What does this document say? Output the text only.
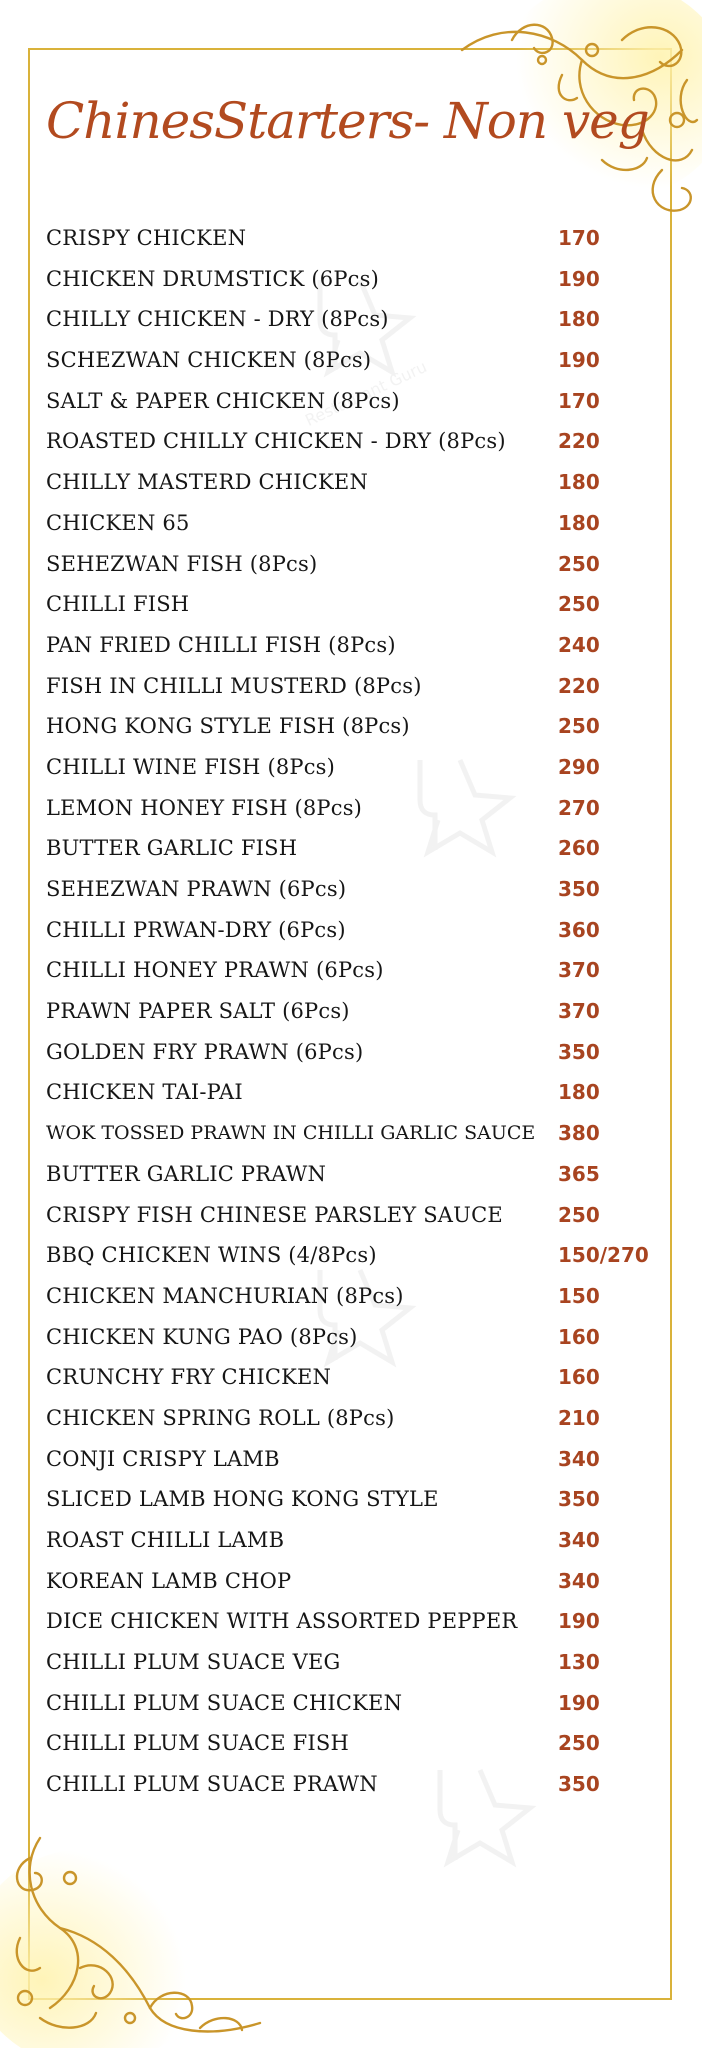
Restaurant Guru
ChinesStarters- Non veg
CRISPY CHICKEN	170
CHICKEN DRUMSTICK (6Pcs)	190
CHILLY CHICKEN - DRY (8Pcs)	180
SCHEZWAN CHICKEN (8Pcs)	190
SALT & PAPER CHICKEN (8Pcs)	170
ROASTED CHILLY CHICKEN - DRY (8Pcs)	220
CHILLY MASTERD CHICKEN	180
CHICKEN 65	180
SEHEZWAN FISH (8Pcs)	250
CHILLI FISH	250
PAN FRIED CHILLI FISH (8Pcs)	240
FISH IN CHILLI MUSTERD (8Pcs)	220
HONG KONG STYLE FISH (8Pcs)	250
CHILLI WINE FISH (8Pcs)	290
LEMON HONEY FISH (8Pcs)	270
BUTTER GARLIC FISH	260
SEHEZWAN PRAWN (6Pcs)	350
CHILLI PRWAN-DRY (6Pcs)	360
CHILLI HONEY PRAWN (6Pcs)	370
PRAWN PAPER SALT (6Pcs)	370
GOLDEN FRY PRAWN (6Pcs)	350
CHICKEN TAI-PAI	180
WOK TOSSED PRAWN IN CHILLI GARLIC SAUCE 380
BUTTER GARLIC PRAWN	365
CRISPY FISH CHINESE PARSLEY SAUCE	250
BBQ CHICKEN WINS (4/8Pcs)	150/270
CHICKEN MANCHURIAN (8Pcs)	150
CHICKEN KUNG PAO (8Pcs)	160
CRUNCHY FRY CHICKEN	160
CHICKEN SPRING ROLL (8Pcs)	210
CONJI CRISPY LAMB	340
SLICED LAMB HONG KONG STYLE	350
ROAST CHILLI LAMB	340
KOREAN LAMB CHOP	340
DICE CHICKEN WITH ASSORTED PEPPER 190
CHILLI PLUM SUACE VEG	130
CHILLI PLUM SUACE CHICKEN	190
CHILLI PLUM SUACE FISH	250
CHILLI PLUM SUACE PRAWN	350
